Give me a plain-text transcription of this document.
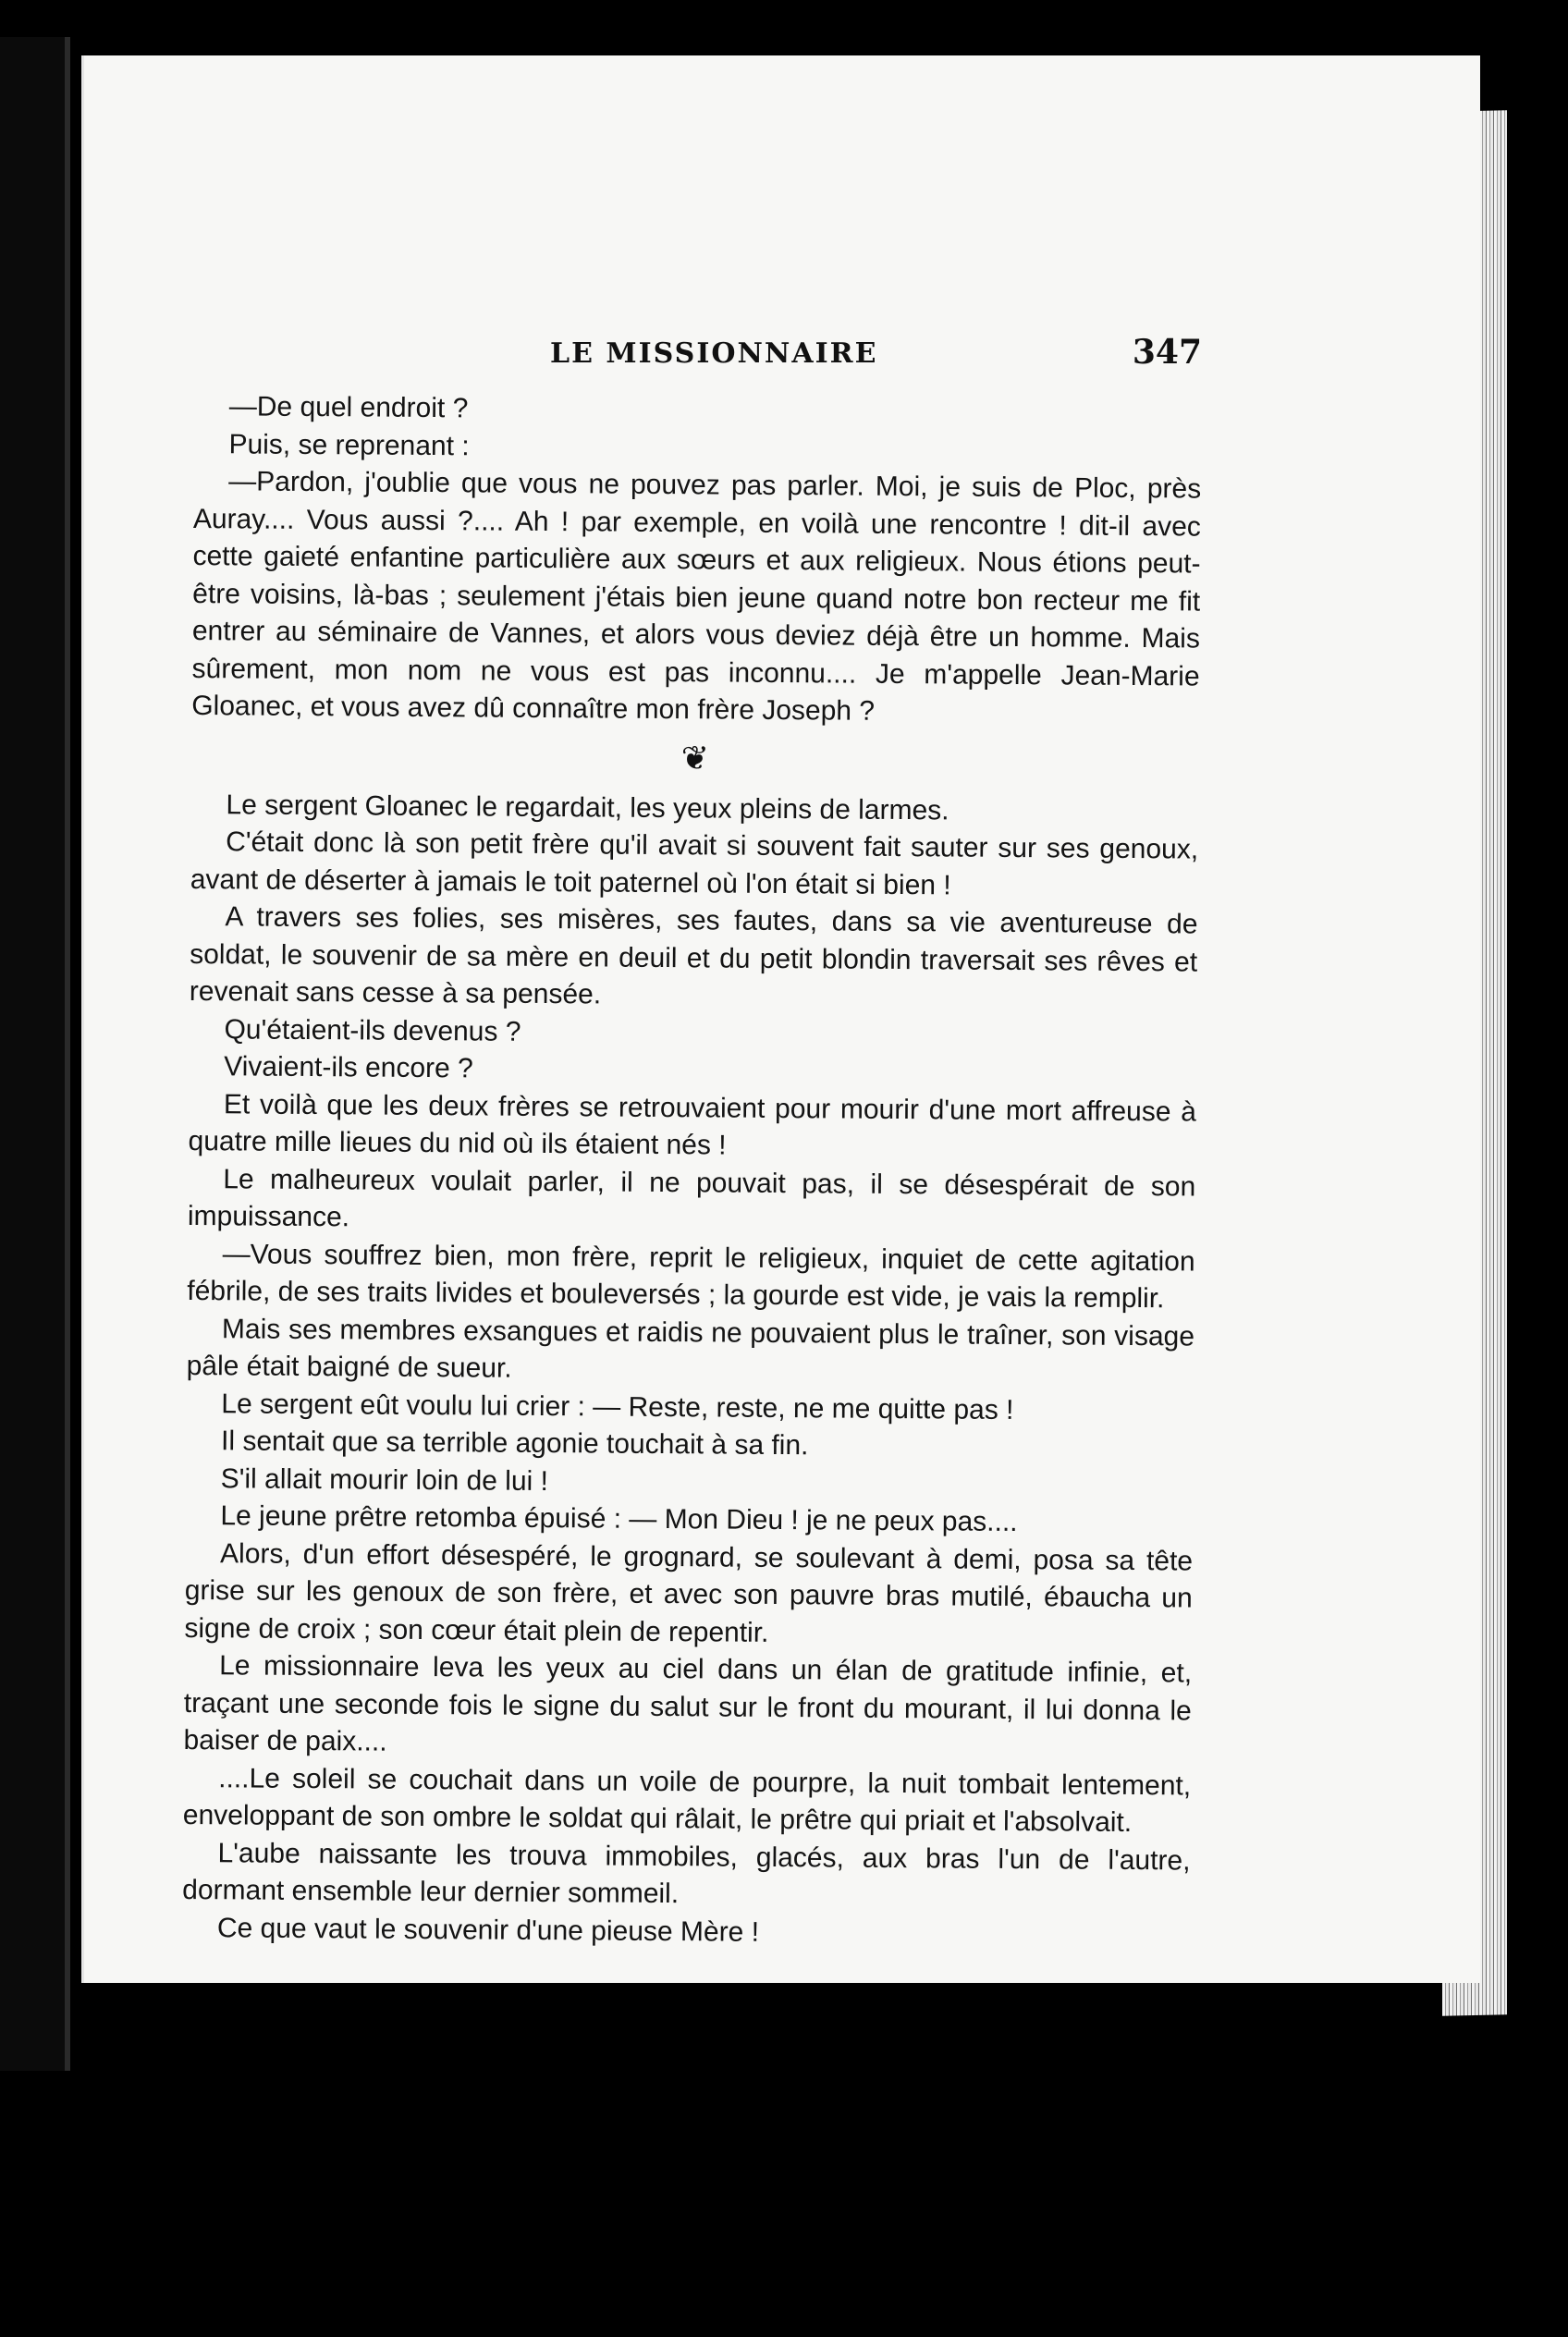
LE MISSIONNAIRE	347

—De quel endroit ?

Puis, se reprenant :

—Pardon, j'oublie que vous ne pouvez pas parler. Moi, je suis de Ploc, près Auray.... Vous aussi ?.... Ah ! par exemple, en voilà une rencontre ! dit-il avec cette gaieté enfantine particulière aux sœurs et aux religieux. Nous étions peut-être voisins, là-bas ; seulement j'étais bien jeune quand notre bon recteur me fit entrer au séminaire de Vannes, et alors vous deviez déjà être un homme. Mais sûrement, mon nom ne vous est pas inconnu.... Je m'appelle Jean-Marie Gloanec, et vous avez dû connaître mon frère Joseph ?

❦

Le sergent Gloanec le regardait, les yeux pleins de larmes.

C'était donc là son petit frère qu'il avait si souvent fait sauter sur ses genoux, avant de déserter à jamais le toit paternel où l'on était si bien !

A travers ses folies, ses misères, ses fautes, dans sa vie aventureuse de soldat, le souvenir de sa mère en deuil et du petit blondin traversait ses rêves et revenait sans cesse à sa pensée.

Qu'étaient-ils devenus ?

Vivaient-ils encore ?

Et voilà que les deux frères se retrouvaient pour mourir d'une mort affreuse à quatre mille lieues du nid où ils étaient nés !

Le malheureux voulait parler, il ne pouvait pas, il se désespérait de son impuissance.

—Vous souffrez bien, mon frère, reprit le religieux, inquiet de cette agitation fébrile, de ses traits livides et bouleversés ; la gourde est vide, je vais la remplir.

Mais ses membres exsangues et raidis ne pouvaient plus le traîner, son visage pâle était baigné de sueur.

Le sergent eût voulu lui crier : — Reste, reste, ne me quitte pas !

Il sentait que sa terrible agonie touchait à sa fin.

S'il allait mourir loin de lui !

Le jeune prêtre retomba épuisé : — Mon Dieu ! je ne peux pas....

Alors, d'un effort désespéré, le grognard, se soulevant à demi, posa sa tête grise sur les genoux de son frère, et avec son pauvre bras mutilé, ébaucha un signe de croix ; son cœur était plein de repentir.

Le missionnaire leva les yeux au ciel dans un élan de gratitude infinie, et, traçant une seconde fois le signe du salut sur le front du mourant, il lui donna le baiser de paix....

....Le soleil se couchait dans un voile de pourpre, la nuit tombait lentement, enveloppant de son ombre le soldat qui râlait, le prêtre qui priait et l'absolvait.

L'aube naissante les trouva immobiles, glacés, aux bras l'un de l'autre, dormant ensemble leur dernier sommeil.

Ce que vaut le souvenir d'une pieuse Mère !
